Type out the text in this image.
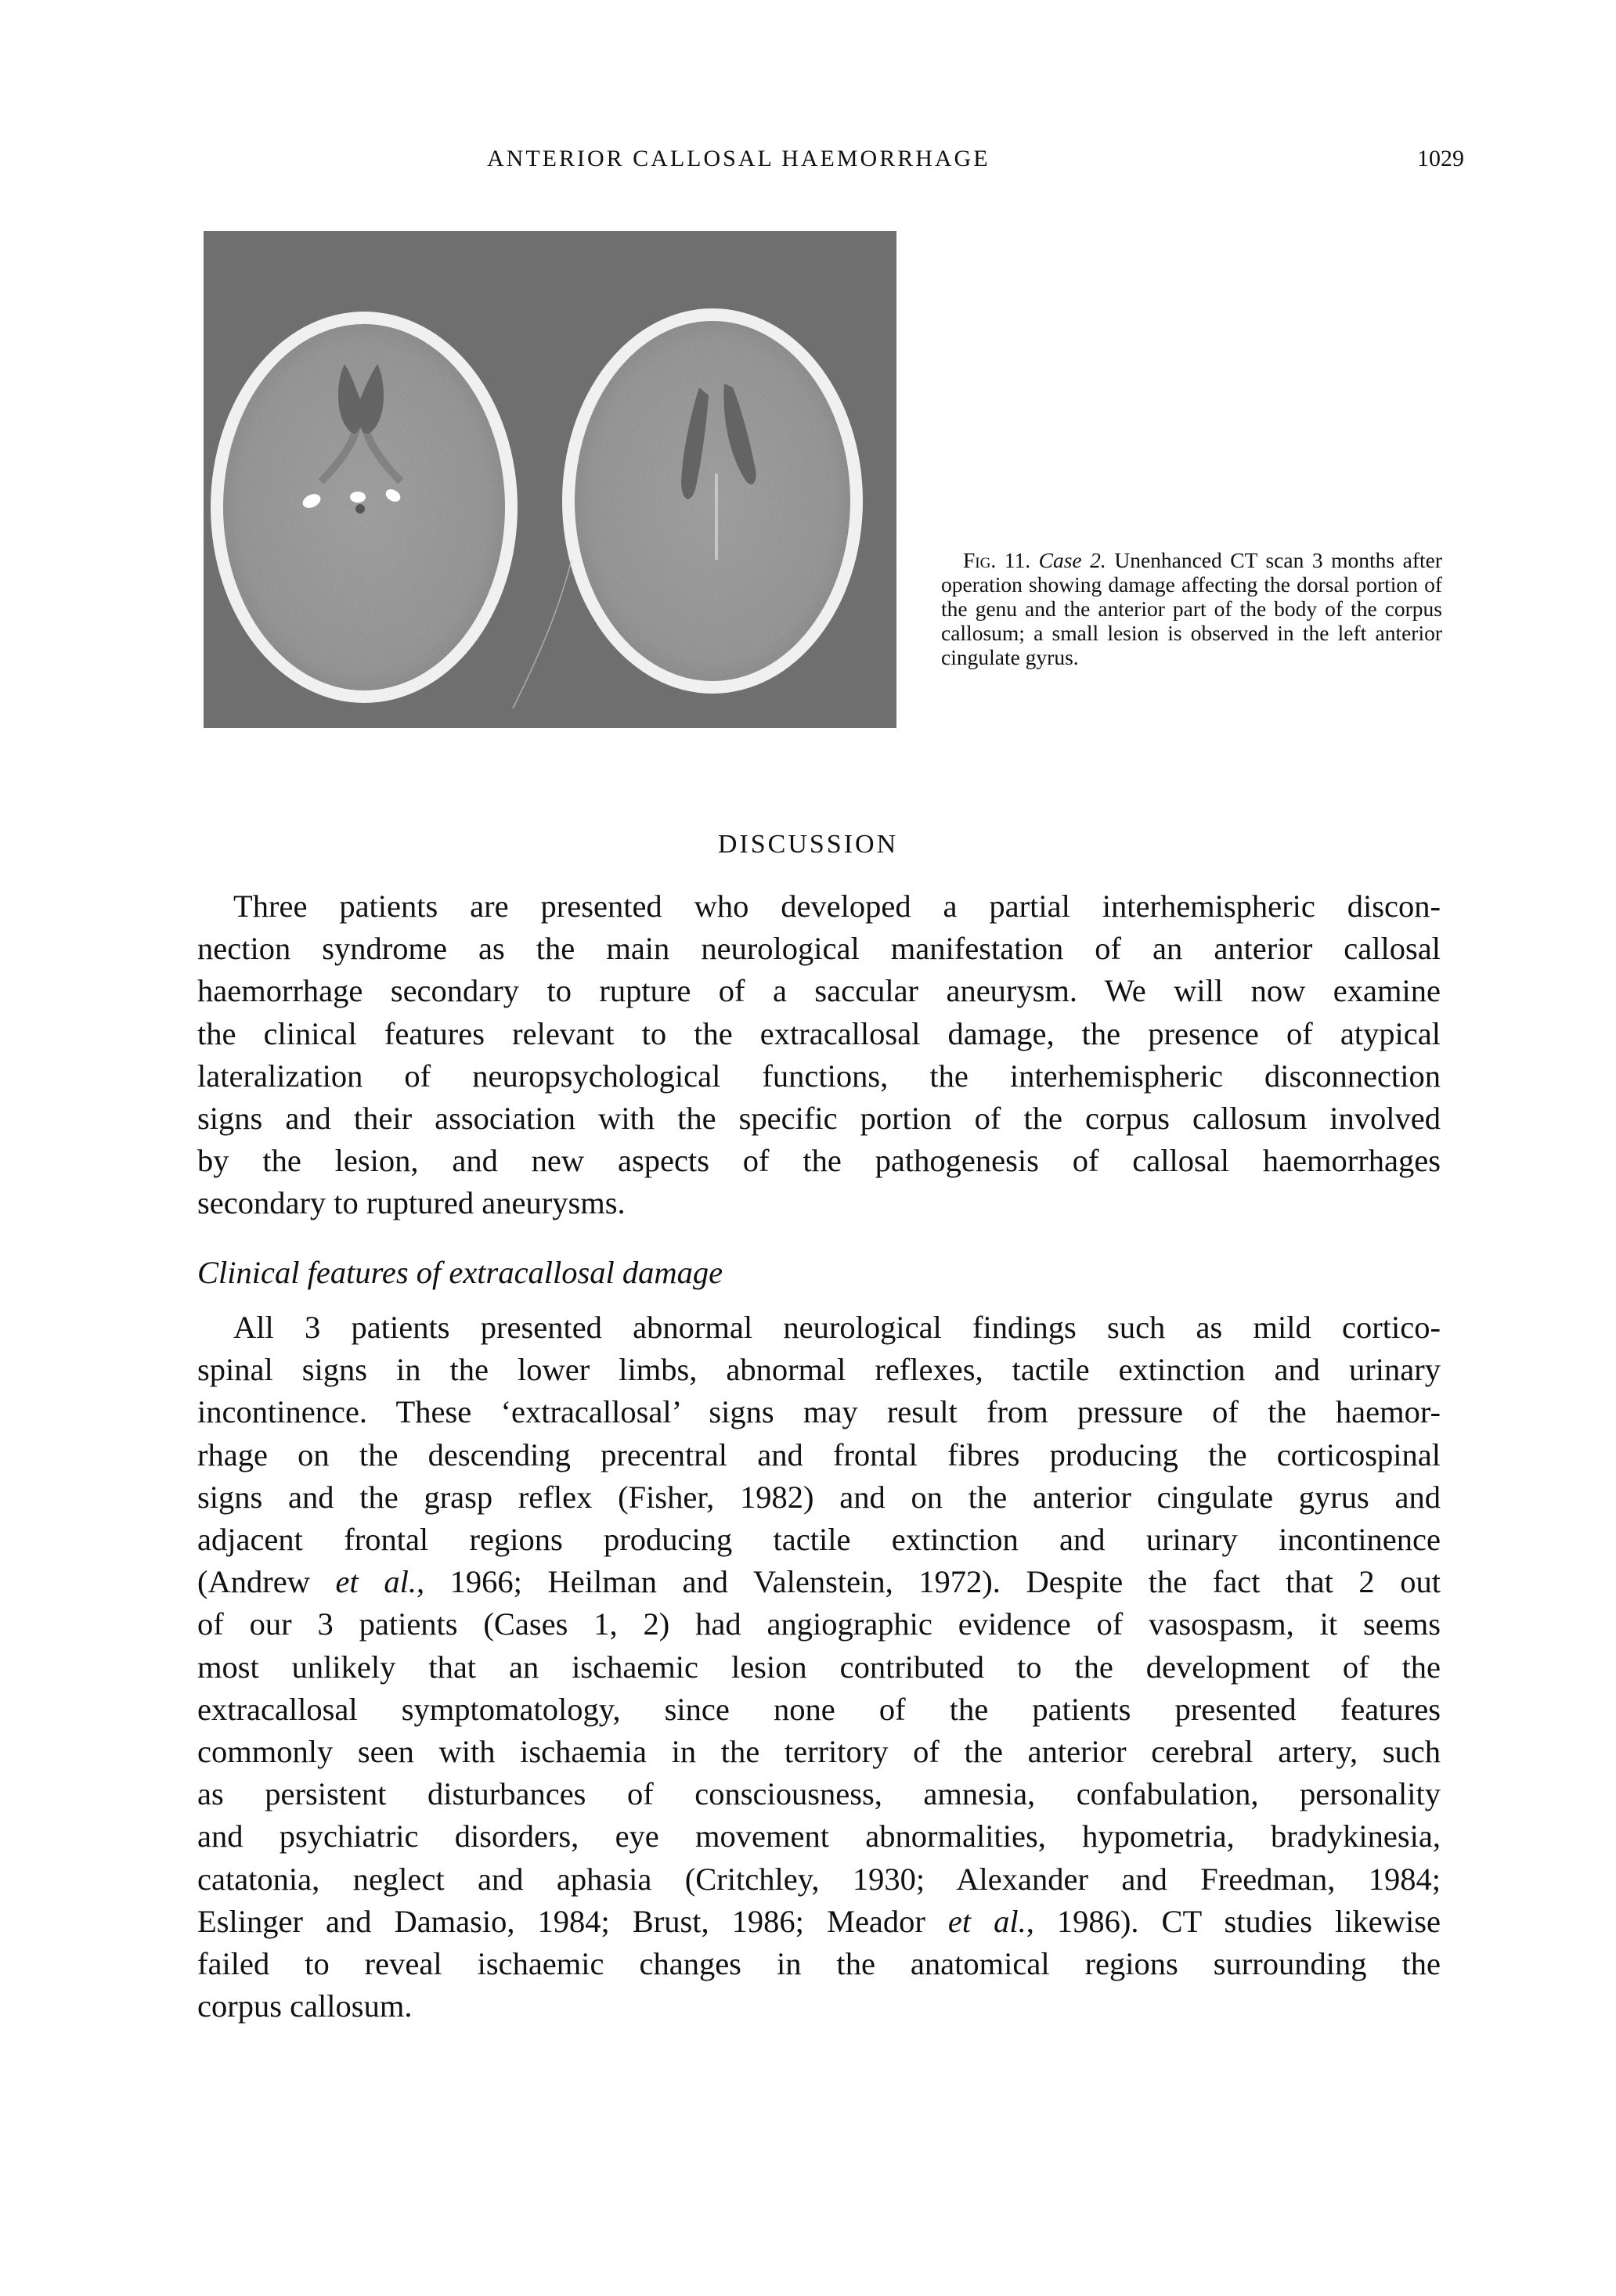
ANTERIOR CALLOSAL HAEMORRHAGE	1029
Fig. 11. Case 2. Unenhanced CT scan 3 months after operation showing damage affecting the dorsal portion of the genu and the anterior part of the body of the corpus callosum; a small lesion is observed in the left anterior cingulate gyrus.
DISCUSSION
Three patients are presented who developed a partial interhemispheric discon-
nection syndrome as the main neurological manifestation of an anterior callosal
haemorrhage secondary to rupture of a saccular aneurysm. We will now examine
the clinical features relevant to the extracallosal damage, the presence of atypical
lateralization of neuropsychological functions, the interhemispheric disconnection
signs and their association with the specific portion of the corpus callosum involved
by the lesion, and new aspects of the pathogenesis of callosal haemorrhages
secondary to ruptured aneurysms.
Clinical features of extracallosal damage
All 3 patients presented abnormal neurological findings such as mild cortico-
spinal signs in the lower limbs, abnormal reflexes, tactile extinction and urinary
incontinence. These ‘extracallosal’ signs may result from pressure of the haemor-
rhage on the descending precentral and frontal fibres producing the corticospinal
signs and the grasp reflex (Fisher, 1982) and on the anterior cingulate gyrus and
adjacent frontal regions producing tactile extinction and urinary incontinence
(Andrew et al., 1966; Heilman and Valenstein, 1972). Despite the fact that 2 out
of our 3 patients (Cases 1, 2) had angiographic evidence of vasospasm, it seems
most unlikely that an ischaemic lesion contributed to the development of the
extracallosal symptomatology, since none of the patients presented features
commonly seen with ischaemia in the territory of the anterior cerebral artery, such
as persistent disturbances of consciousness, amnesia, confabulation, personality
and psychiatric disorders, eye movement abnormalities, hypometria, bradykinesia,
catatonia, neglect and aphasia (Critchley, 1930; Alexander and Freedman, 1984;
Eslinger and Damasio, 1984; Brust, 1986; Meador et al., 1986). CT studies likewise
failed to reveal ischaemic changes in the anatomical regions surrounding the
corpus callosum.
